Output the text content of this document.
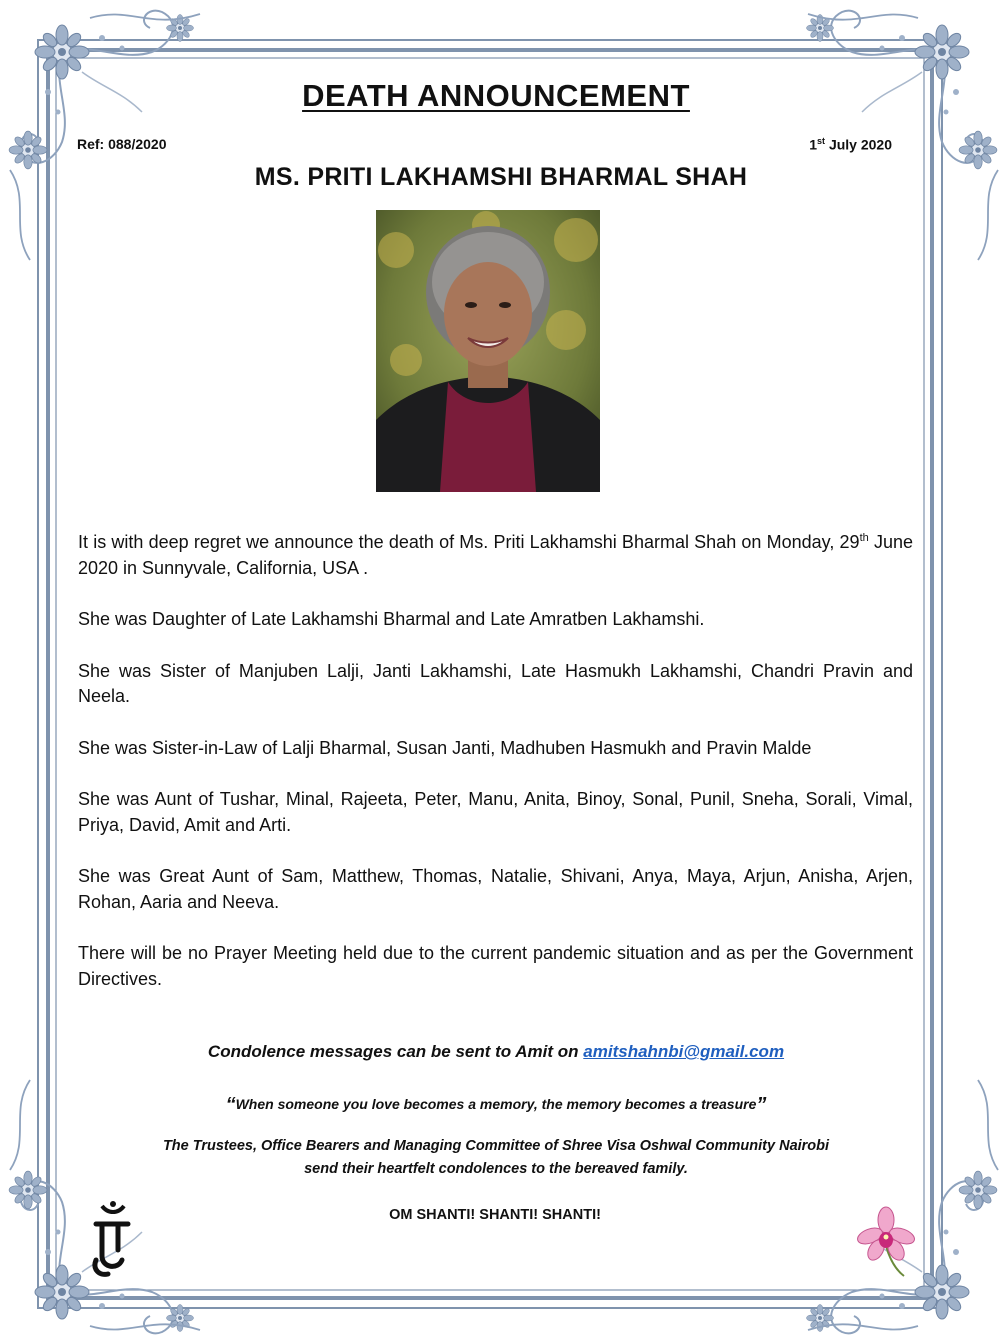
DEATH ANNOUNCEMENT
Ref: 088/2020	1st July 2020
MS. PRITI LAKHAMSHI BHARMAL SHAH

It is with deep regret we announce the death of Ms. Priti Lakhamshi Bharmal Shah on Monday, 29th June 2020 in Sunnyvale, California, USA .

She was Daughter of Late Lakhamshi Bharmal and Late Amratben Lakhamshi.

She was Sister of Manjuben Lalji, Janti Lakhamshi, Late Hasmukh Lakhamshi, Chandri Pravin and Neela.

She was Sister-in-Law of Lalji Bharmal, Susan Janti, Madhuben Hasmukh and Pravin Malde

She was Aunt of Tushar, Minal, Rajeeta, Peter, Manu, Anita, Binoy, Sonal, Punil, Sneha, Sorali, Vimal, Priya, David, Amit and Arti.

She was Great Aunt of Sam, Matthew, Thomas, Natalie, Shivani, Anya, Maya, Arjun, Anisha, Arjen, Rohan, Aaria and Neeva.

There will be no Prayer Meeting held due to the current pandemic situation and as per the Government Directives.

Condolence messages can be sent to Amit on amitshahnbi@gmail.com
“When someone you love becomes a memory, the memory becomes a treasure”
The Trustees, Office Bearers and Managing Committee of Shree Visa Oshwal Community Nairobi
send their heartfelt condolences to the bereaved family.
OM SHANTI! SHANTI! SHANTI!
